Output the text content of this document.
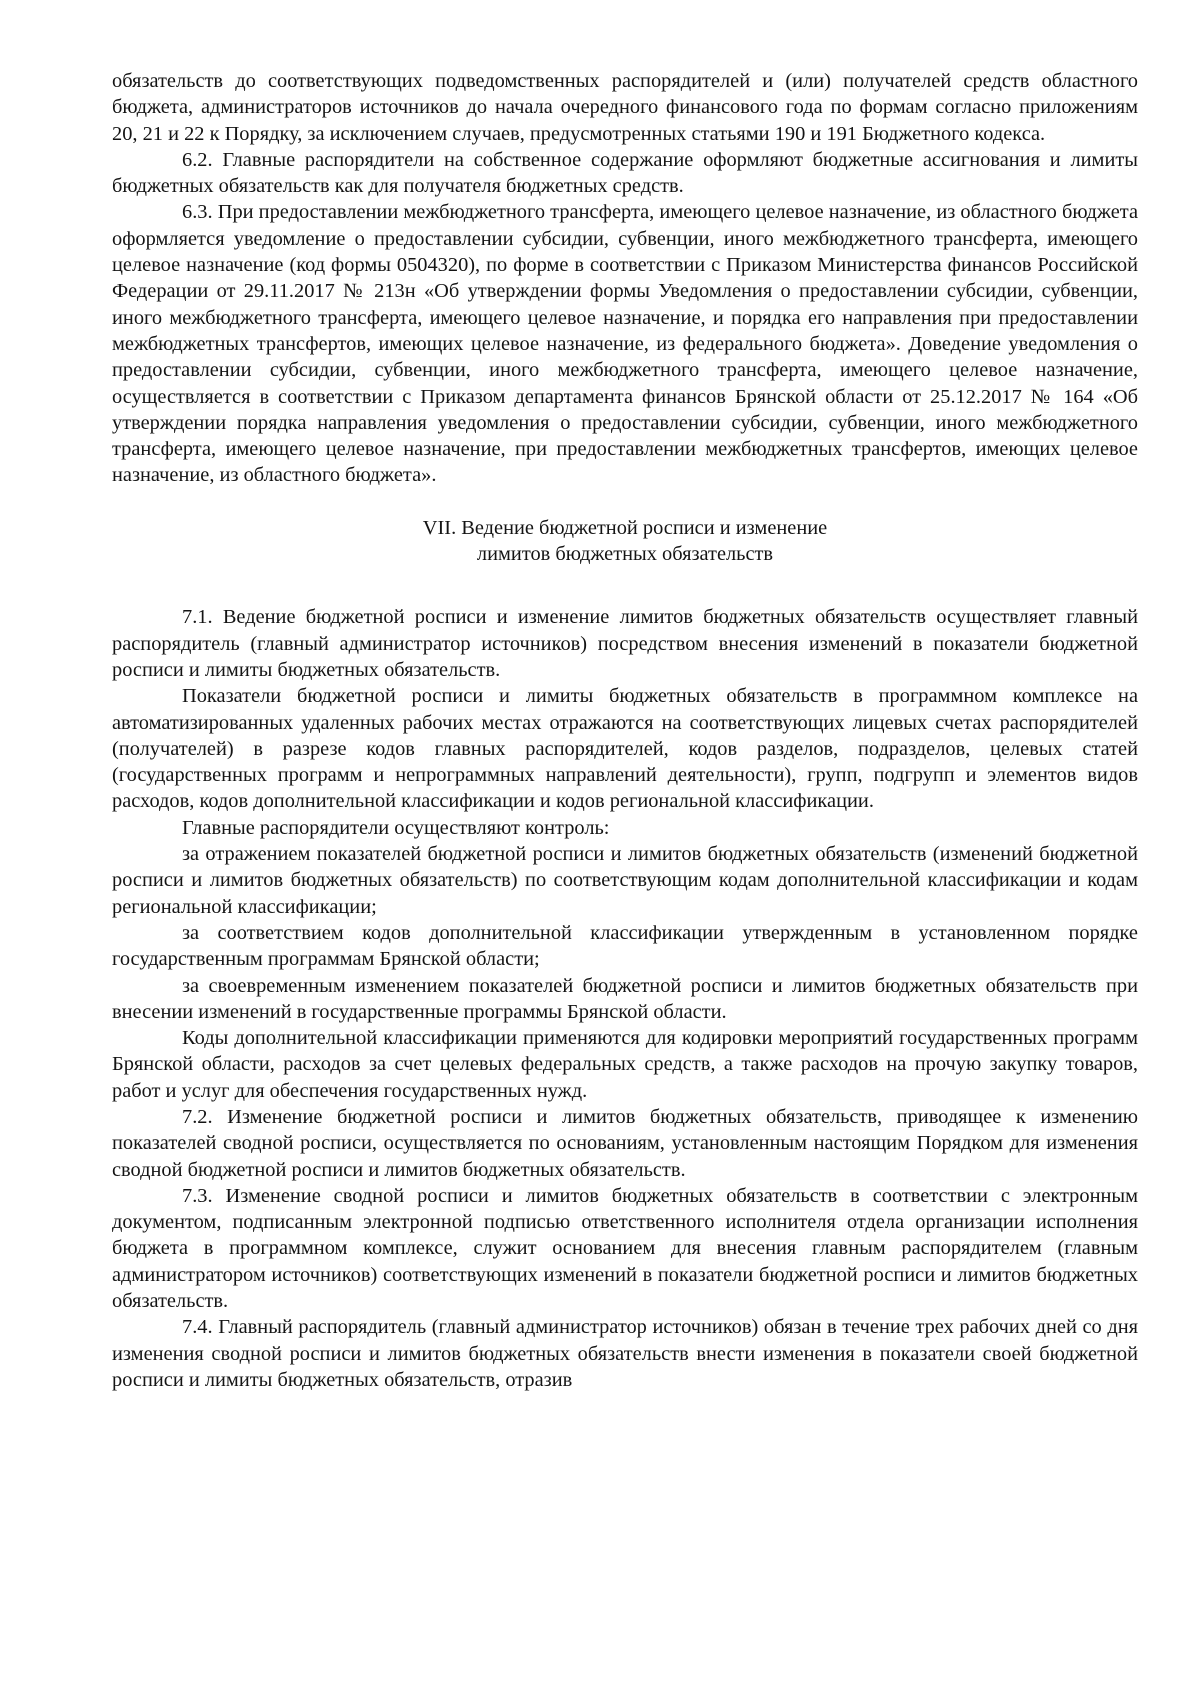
обязательств до соответствующих подведомственных распорядителей и (или) получателей средств областного бюджета, администраторов источников до начала очередного финансового года по формам согласно приложениям 20, 21 и 22 к Порядку, за исключением случаев, предусмотренных статьями 190 и 191 Бюджетного кодекса.

6.2. Главные распорядители на собственное содержание оформляют бюджетные ассигнования и лимиты бюджетных обязательств как для получателя бюджетных средств.

6.3. При предоставлении межбюджетного трансферта, имеющего целевое назначение, из областного бюджета оформляется уведомление о предоставлении субсидии, субвенции, иного межбюджетного трансферта, имеющего целевое назначение (код формы 0504320), по форме в соответствии с Приказом Министерства финансов Российской Федерации от 29.11.2017 № 213н «Об утверждении формы Уведомления о предоставлении субсидии, субвенции, иного межбюджетного трансферта, имеющего целевое назначение, и порядка его направления при предоставлении межбюджетных трансфертов, имеющих целевое назначение, из федерального бюджета». Доведение уведомления о предоставлении субсидии, субвенции, иного межбюджетного трансферта, имеющего целевое назначение, осуществляется в соответствии с Приказом департамента финансов Брянской области от 25.12.2017 № 164 «Об утверждении порядка направления уведомления о предоставлении субсидии, субвенции, иного межбюджетного трансферта, имеющего целевое назначение, при предоставлении межбюджетных трансфертов, имеющих целевое назначение, из областного бюджета».

VII. Ведение бюджетной росписи и изменение
лимитов бюджетных обязательств

7.1. Ведение бюджетной росписи и изменение лимитов бюджетных обязательств осуществляет главный распорядитель (главный администратор источников) посредством внесения изменений в показатели бюджетной росписи и лимиты бюджетных обязательств.

Показатели бюджетной росписи и лимиты бюджетных обязательств в программном комплексе на автоматизированных удаленных рабочих местах отражаются на соответствующих лицевых счетах распорядителей (получателей) в разрезе кодов главных распорядителей, кодов разделов, подразделов, целевых статей (государственных программ и непрограммных направлений деятельности), групп, подгрупп и элементов видов расходов, кодов дополнительной классификации и кодов региональной классификации.

Главные распорядители осуществляют контроль:

за отражением показателей бюджетной росписи и лимитов бюджетных обязательств (изменений бюджетной росписи и лимитов бюджетных обязательств) по соответствующим кодам дополнительной классификации и кодам региональной классификации;

за соответствием кодов дополнительной классификации утвержденным в установленном порядке государственным программам Брянской области;

за своевременным изменением показателей бюджетной росписи и лимитов бюджетных обязательств при внесении изменений в государственные программы Брянской области.

Коды дополнительной классификации применяются для кодировки мероприятий государственных программ Брянской области, расходов за счет целевых федеральных средств, а также расходов на прочую закупку товаров, работ и услуг для обеспечения государственных нужд.

7.2. Изменение бюджетной росписи и лимитов бюджетных обязательств, приводящее к изменению показателей сводной росписи, осуществляется по основаниям, установленным настоящим Порядком для изменения сводной бюджетной росписи и лимитов бюджетных обязательств.

7.3. Изменение сводной росписи и лимитов бюджетных обязательств в соответствии с электронным документом, подписанным электронной подписью ответственного исполнителя отдела организации исполнения бюджета в программном комплексе, служит основанием для внесения главным распорядителем (главным администратором источников) соответствующих изменений в показатели бюджетной росписи и лимитов бюджетных обязательств.

7.4. Главный распорядитель (главный администратор источников) обязан в течение трех рабочих дней со дня изменения сводной росписи и лимитов бюджетных обязательств внести изменения в показатели своей бюджетной росписи и лимиты бюджетных обязательств, отразив
